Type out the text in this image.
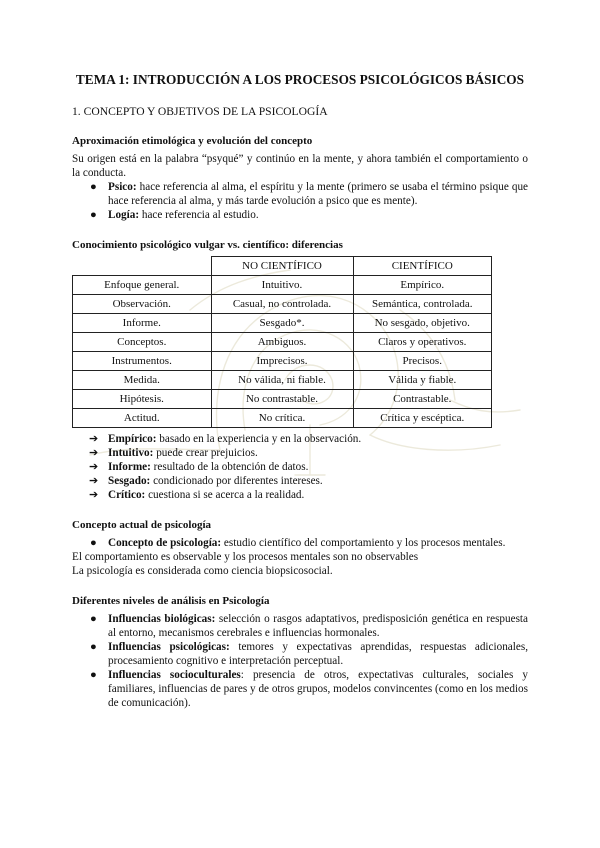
TEMA 1: INTRODUCCIÓN A LOS PROCESOS PSICOLÓGICOS BÁSICOS
1. CONCEPTO Y OBJETIVOS DE LA PSICOLOGÍA
Aproximación etimológica y evolución del concepto

Su origen está en la palabra “psyqué” y continúo en la mente, y ahora también el comportamiento o la conducta.

● Psico: hace referencia al alma, el espíritu y la mente (primero se usaba el término psique que hace referencia al alma, y más tarde evolución a psico que es mente).
● Logía: hace referencia al estudio.
Conocimiento psicológico vulgar vs. científico: diferencias
	NO CIENTÍFICO	CIENTÍFICO
Enfoque general.	Intuitivo.	Empírico.
Observación.	Casual, no controlada.	Semántica, controlada.
Informe.	Sesgado*.	No sesgado, objetivo.
Conceptos.	Ambiguos.	Claros y operativos.
Instrumentos.	Imprecisos.	Precisos.
Medida.	No válida, ni fiable.	Válida y fiable.
Hipótesis.	No contrastable.	Contrastable.
Actitud.	No crítica.	Crítica y escéptica.
➔ Empírico: basado en la experiencia y en la observación.
➔ Intuitivo: puede crear prejuicios.
➔ Informe: resultado de la obtención de datos.
➔ Sesgado: condicionado por diferentes intereses.
➔ Crítico: cuestiona si se acerca a la realidad.
Concepto actual de psicología
● Concepto de psicología: estudio científico del comportamiento y los procesos mentales.

El comportamiento es observable y los procesos mentales son no observables

La psicología es considerada como ciencia biopsicosocial.

Diferentes niveles de análisis en Psicología
● Influencias biológicas: selección o rasgos adaptativos, predisposición genética en respuesta al entorno, mecanismos cerebrales e influencias hormonales.
● Influencias psicológicas: temores y expectativas aprendidas, respuestas adicionales, procesamiento cognitivo e interpretación perceptual.
● Influencias socioculturales: presencia de otros, expectativas culturales, sociales y familiares, influencias de pares y de otros grupos, modelos convincentes (como en los medios de comunicación).
